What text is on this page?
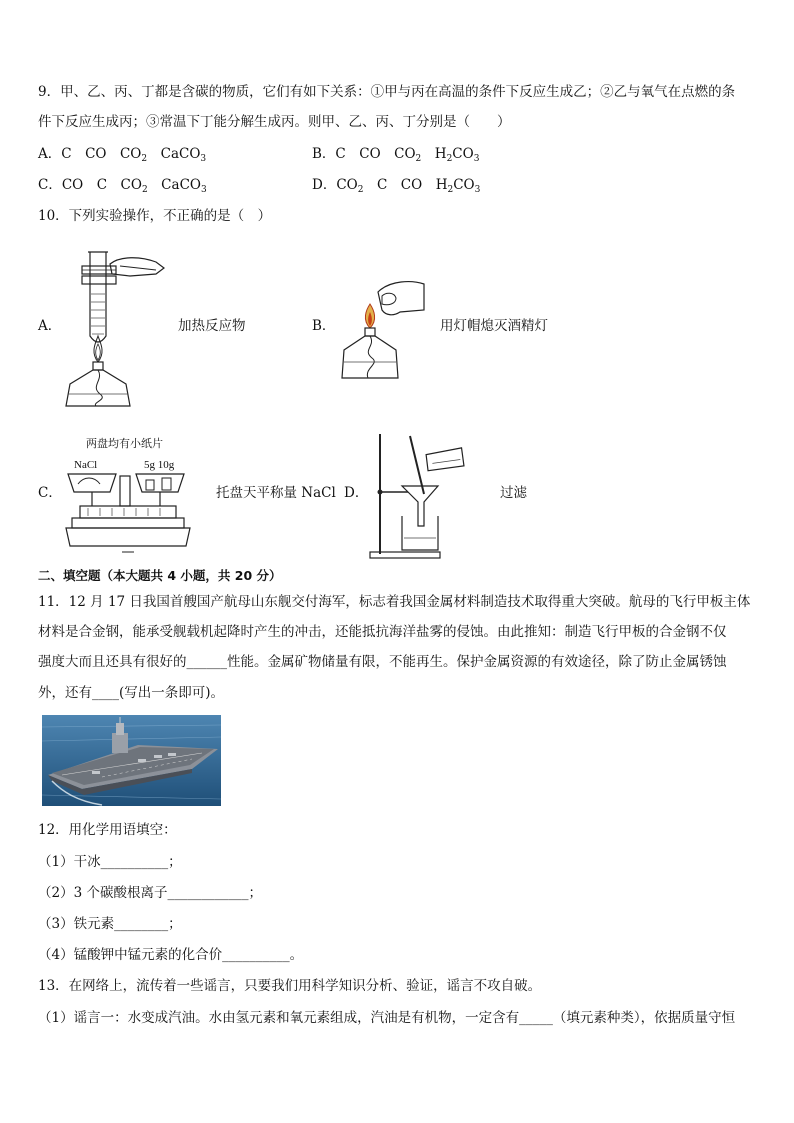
9．甲、乙、丙、丁都是含碳的物质，它们有如下关系：①甲与丙在高温的条件下反应生成乙；②乙与氧气在点燃的条
件下反应生成丙；③常温下丁能分解生成丙。则甲、乙、丙、丁分别是（　　）
A．C　CO　$CO_2$　CaCO$_3$	B．C　CO　$CO_2$　$H_2CO_3$
C．CO　C　$CO_2$　CaCO$_3$	D．$CO_2$　C　CO　$H_2CO_3$
10．下列实验操作，不正确的是（　）
A．	加热反应物	B．	用灯帽熄灭酒精灯
两盘均有小纸片
C．
NaCl	5g 10g
托盘天平称量 NaCl D．	过滤
二、填空题（本大题共 4 小题，共 20 分）
11．12 月 17 日我国首艘国产航母山东舰交付海军，标志着我国金属材料制造技术取得重大突破。航母的飞行甲板主体
材料是合金钢，能承受舰载机起降时产生的冲击，还能抵抗海洋盐雾的侵蚀。由此推知：制造飞行甲板的合金钢不仅
强度大而且还具有很好的______性能。金属矿物储量有限，不能再生。保护金属资源的有效途径，除了防止金属锈蚀
外，还有____(写出一条即可)。
12．用化学用语填空：
（1）干冰__________；
（2）3 个碳酸根离子____________；
（3）铁元素________；
（4）锰酸钾中锰元素的化合价__________。
13．在网络上，流传着一些谣言，只要我们用科学知识分析、验证，谣言不攻自破。
（1）谣言一：水变成汽油。水由氢元素和氧元素组成，汽油是有机物，一定含有_____（填元素种类），依据质量守恒
